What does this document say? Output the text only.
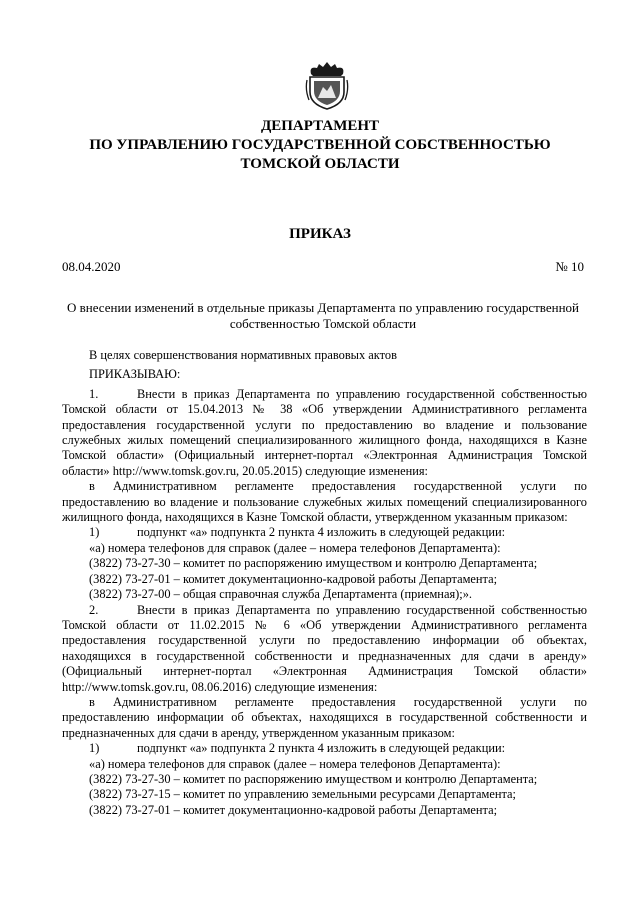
ДЕПАРТАМЕНТ
ПО УПРАВЛЕНИЮ ГОСУДАРСТВЕННОЙ СОБСТВЕННОСТЬЮ
ТОМСКОЙ ОБЛАСТИ
ПРИКАЗ
08.04.2020	№ 10
О внесении изменений в отдельные приказы Департамента по управлению государственной собственностью Томской области

В целях совершенствования нормативных правовых актов

ПРИКАЗЫВАЮ:

1.	Внести в приказ Департамента по управлению государственной собственностью Томской области от 15.04.2013 № 38 «Об утверждении Административного регламента предоставления государственной услуги по предоставлению во владение и пользование служебных жилых помещений специализированного жилищного фонда, находящихся в Казне Томской области» (Официальный интернет-портал «Электронная Администрация Томской области» http://www.tomsk.gov.ru, 20.05.2015) следующие изменения:

в Административном регламенте предоставления государственной услуги по предоставлению во владение и пользование служебных жилых помещений специализированного жилищного фонда, находящихся в Казне Томской области, утвержденном указанным приказом:

1)	подпункт «а» подпункта 2 пункта 4 изложить в следующей редакции:

«а) номера телефонов для справок (далее – номера телефонов Департамента):

(3822) 73-27-30 – комитет по распоряжению имуществом и контролю Департамента;

(3822) 73-27-01 – комитет документационно-кадровой работы Департамента;

(3822) 73-27-00 – общая справочная служба Департамента (приемная);».

2.	Внести в приказ Департамента по управлению государственной собственностью Томской области от 11.02.2015 № 6 «Об утверждении Административного регламента предоставления государственной услуги по предоставлению информации об объектах, находящихся в государственной собственности и предназначенных для сдачи в аренду» (Официальный интернет-портал «Электронная Администрация Томской области» http://www.tomsk.gov.ru, 08.06.2016) следующие изменения:

в Административном регламенте предоставления государственной услуги по предоставлению информации об объектах, находящихся в государственной собственности и предназначенных для сдачи в аренду, утвержденном указанным приказом:

1)	подпункт «а» подпункта 2 пункта 4 изложить в следующей редакции:

«а) номера телефонов для справок (далее – номера телефонов Департамента):

(3822) 73-27-30 – комитет по распоряжению имуществом и контролю Департамента;

(3822) 73-27-15 – комитет по управлению земельными ресурсами Департамента;

(3822) 73-27-01 – комитет документационно-кадровой работы Департамента;
